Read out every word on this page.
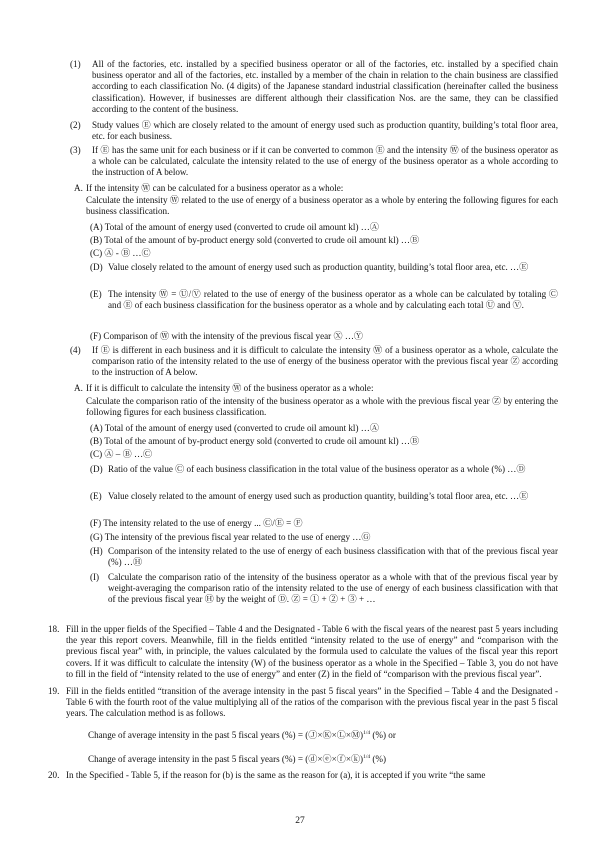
(1) All of the factories, etc. installed by a specified business operator or all of the factories, etc. installed by a specified chain business operator and all of the factories, etc. installed by a member of the chain in relation to the chain business are classified according to each classification No. (4 digits) of the Japanese standard industrial classification (hereinafter called the business classification). However, if businesses are different although their classification Nos. are the same, they can be classified according to the content of the business.

(2) Study values Ⓔ which are closely related to the amount of energy used such as production quantity, building’s total floor area, etc. for each business.

(3) If Ⓔ has the same unit for each business or if it can be converted to common Ⓔ and the intensity Ⓦ of the business operator as a whole can be calculated, calculate the intensity related to the use of energy of the business operator as a whole according to the instruction of A below.

A. If the intensity Ⓦ can be calculated for a business operator as a whole:

Calculate the intensity Ⓦ related to the use of energy of a business operator as a whole by entering the following figures for each business classification.

(A) Total of the amount of energy used (converted to crude oil amount kl) …Ⓐ

(B) Total of the amount of by-product energy sold (converted to crude oil amount kl) …Ⓑ

(C) Ⓐ - Ⓑ …Ⓒ

(D) Value closely related to the amount of energy used such as production quantity, building’s total floor area, etc. …Ⓔ

(E) The intensity Ⓦ = Ⓤ/Ⓥ related to the use of energy of the business operator as a whole can be calculated by totaling Ⓒ and Ⓔ of each business classification for the business operator as a whole and by calculating each total Ⓤ and Ⓥ.

(F) Comparison of Ⓦ with the intensity of the previous fiscal year Ⓧ …Ⓨ

(4) If Ⓔ is different in each business and it is difficult to calculate the intensity Ⓦ of a business operator as a whole, calculate the comparison ratio of the intensity related to the use of energy of the business operator with the previous fiscal year Ⓩ according to the instruction of A below.

A. If it is difficult to calculate the intensity Ⓦ of the business operator as a whole:

Calculate the comparison ratio of the intensity of the business operator as a whole with the previous fiscal year Ⓩ by entering the following figures for each business classification.

(A) Total of the amount of energy used (converted to crude oil amount kl) …Ⓐ

(B) Total of the amount of by-product energy sold (converted to crude oil amount kl) …Ⓑ

(C) Ⓐ – Ⓑ …Ⓒ

(D) Ratio of the value Ⓒ of each business classification in the total value of the business operator as a whole (%) …Ⓓ

(E) Value closely related to the amount of energy used such as production quantity, building’s total floor area, etc. …Ⓔ

(F) The intensity related to the use of energy ... Ⓒ/Ⓔ = Ⓕ

(G) The intensity of the previous fiscal year related to the use of energy …Ⓖ

(H) Comparison of the intensity related to the use of energy of each business classification with that of the previous fiscal year (%) …Ⓗ

(I) Calculate the comparison ratio of the intensity of the business operator as a whole with that of the previous fiscal year by weight-averaging the comparison ratio of the intensity related to the use of energy of each business classification with that of the previous fiscal year Ⓗ by the weight of Ⓓ. Ⓩ = ① + ② + ③ + …

18. Fill in the upper fields of the Specified – Table 4 and the Designated - Table 6 with the fiscal years of the nearest past 5 years including the year this report covers. Meanwhile, fill in the fields entitled “intensity related to the use of energy” and “comparison with the previous fiscal year” with, in principle, the values calculated by the formula used to calculate the values of the fiscal year this report covers. If it was difficult to calculate the intensity (W) of the business operator as a whole in the Specified – Table 3, you do not have to fill in the field of “intensity related to the use of energy” and enter (Z) in the field of “comparison with the previous fiscal year”.

19. Fill in the fields entitled “transition of the average intensity in the past 5 fiscal years” in the Specified – Table 4 and the Designated - Table 6 with the fourth root of the value multiplying all of the ratios of the comparison with the previous fiscal year in the past 5 fiscal years. The calculation method is as follows.

Change of average intensity in the past 5 fiscal years (%) = (Ⓙ×Ⓚ×Ⓛ×Ⓜ)$^{1/4}$ (%) or
Change of average intensity in the past 5 fiscal years (%) = (ⓓ×ⓔ×ⓕ×ⓚ)$^{1/4}$ (%)
20. In the Specified - Table 5, if the reason for (b) is the same as the reason for (a), it is accepted if you write “the same

27
